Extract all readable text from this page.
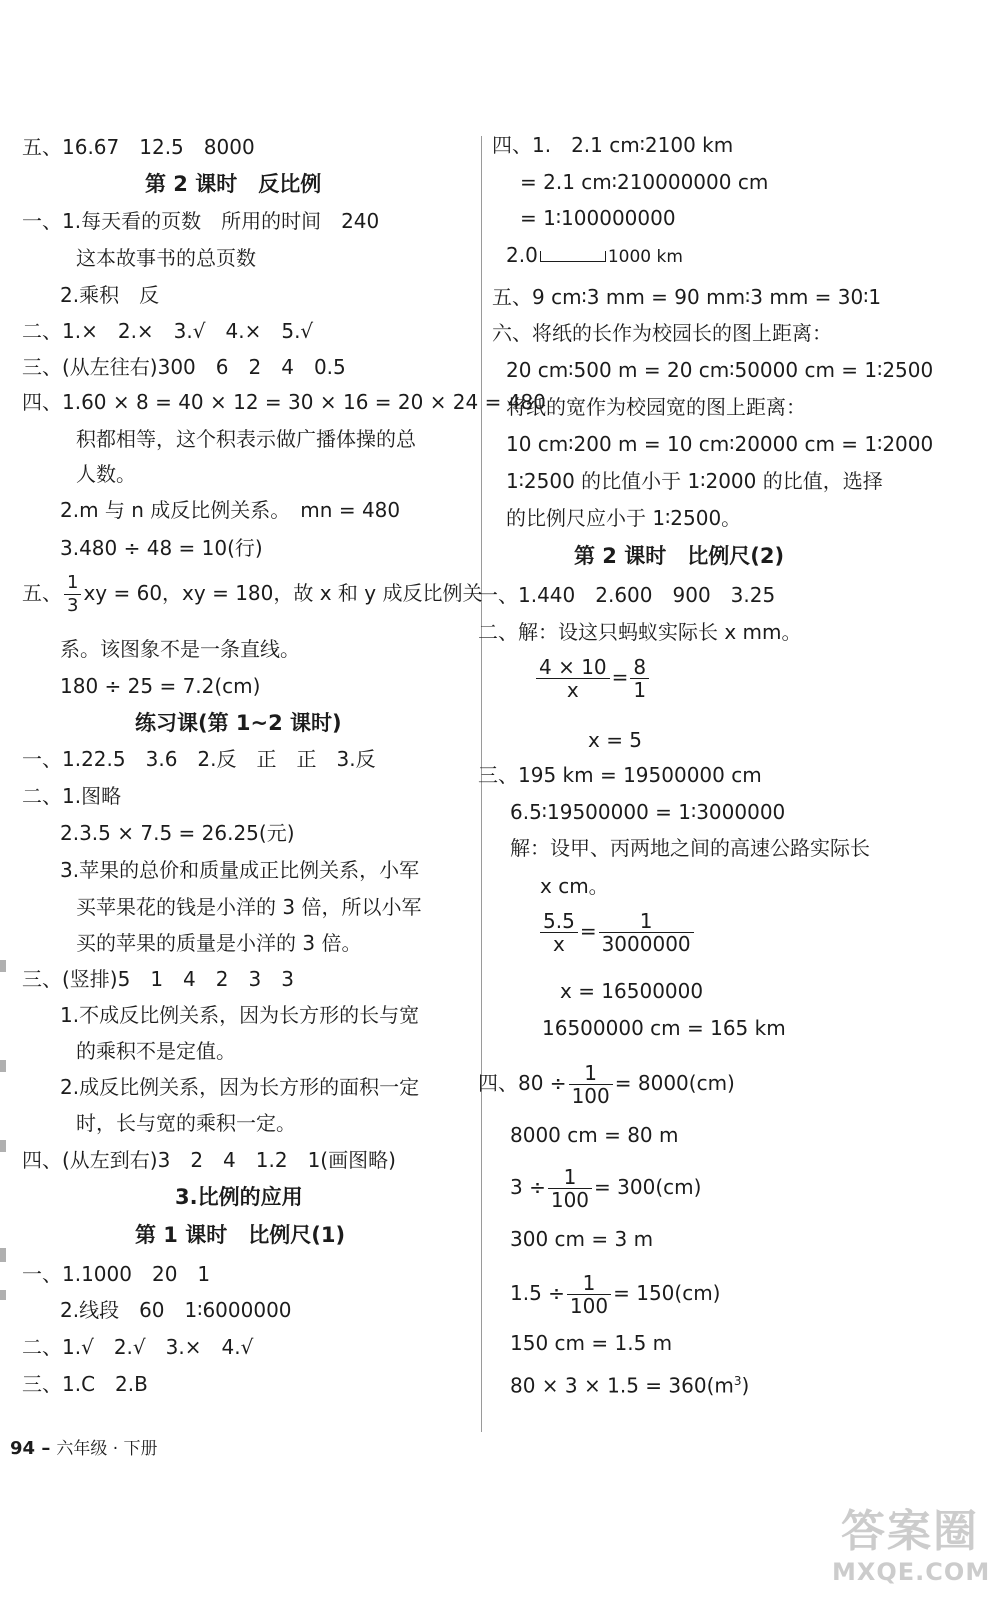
五、16.67　12.5　8000
第 2 课时　反比例
一、1.每天看的页数　所用的时间　240
这本故事书的总页数
2.乘积　反
二、1.×　2.×　3.√　4.×　5.√
三、(从左往右)300　6　2　4　0.5
四、1.60 × 8 = 40 × 12 = 30 × 16 = 20 × 24 = 480
积都相等，这个积表示做广播体操的总
人数。
2.m 与 n 成反比例关系。　mn = 480
3.480 ÷ 48 = 10(行)
五、 $\frac{1}{3}$ xy = 60，xy = 180，故 x 和 y 成反比例关
系。该图象不是一条直线。
180 ÷ 25 = 7.2(cm)
练习课(第 1~2 课时)
一、1.22.5　3.6　2.反　正　正　3.反
二、1.图略
2.3.5 × 7.5 = 26.25(元)
3.苹果的总价和质量成正比例关系，小军
买苹果花的钱是小洋的 3 倍，所以小军
买的苹果的质量是小洋的 3 倍。
三、(竖排)5　1　4　2　3　3
1.不成反比例关系，因为长方形的长与宽
的乘积不是定值。
2.成反比例关系，因为长方形的面积一定
时，长与宽的乘积一定。
四、(从左到右)3　2　4　1.2　1(画图略)
3.比例的应用
第 1 课时　比例尺(1)
一、1.1000　20　1
2.线段　60　1∶6000000
二、1.√　2.√　3.×　4.√
三、1.C　2.B
四、1.　2.1 cm∶2100 km
= 2.1 cm∶210000000 cm
= 1∶100000000
2.0	1000 km
五、9 cm∶3 mm = 90 mm∶3 mm = 30∶1
六、将纸的长作为校园长的图上距离：
20 cm∶500 m = 20 cm∶50000 cm = 1∶2500
将纸的宽作为校园宽的图上距离：
10 cm∶200 m = 10 cm∶20000 cm = 1∶2000
1∶2500 的比值小于 1∶2000 的比值，选择
的比例尺应小于 1∶2500。
第 2 课时　比例尺(2)
一、1.440　2.600　900　3.25
二、解：设这只蚂蚁实际长 x mm。
$\frac{4 \times 10}{x} = \frac{8}{1}$
x = 5
三、195 km = 19500000 cm
6.5∶19500000 = 1∶3000000
解：设甲、丙两地之间的高速公路实际长
x cm。
$\frac{5.5}{x} = \frac{1}{3000000}$
x = 16500000
16500000 cm = 165 km
四、$80 \div \frac{1}{100} = 8000(cm)$
8000 cm = 80 m
$3 \div \frac{1}{100} = 300(cm)$
300 cm = 3 m
$1.5 \div \frac{1}{100} = 150(cm)$
150 cm = 1.5 m
$80 \times 3 \times 1.5 = 360(m^3)$
94 – 六年级 · 下册
答案圈
MXQE.COM
